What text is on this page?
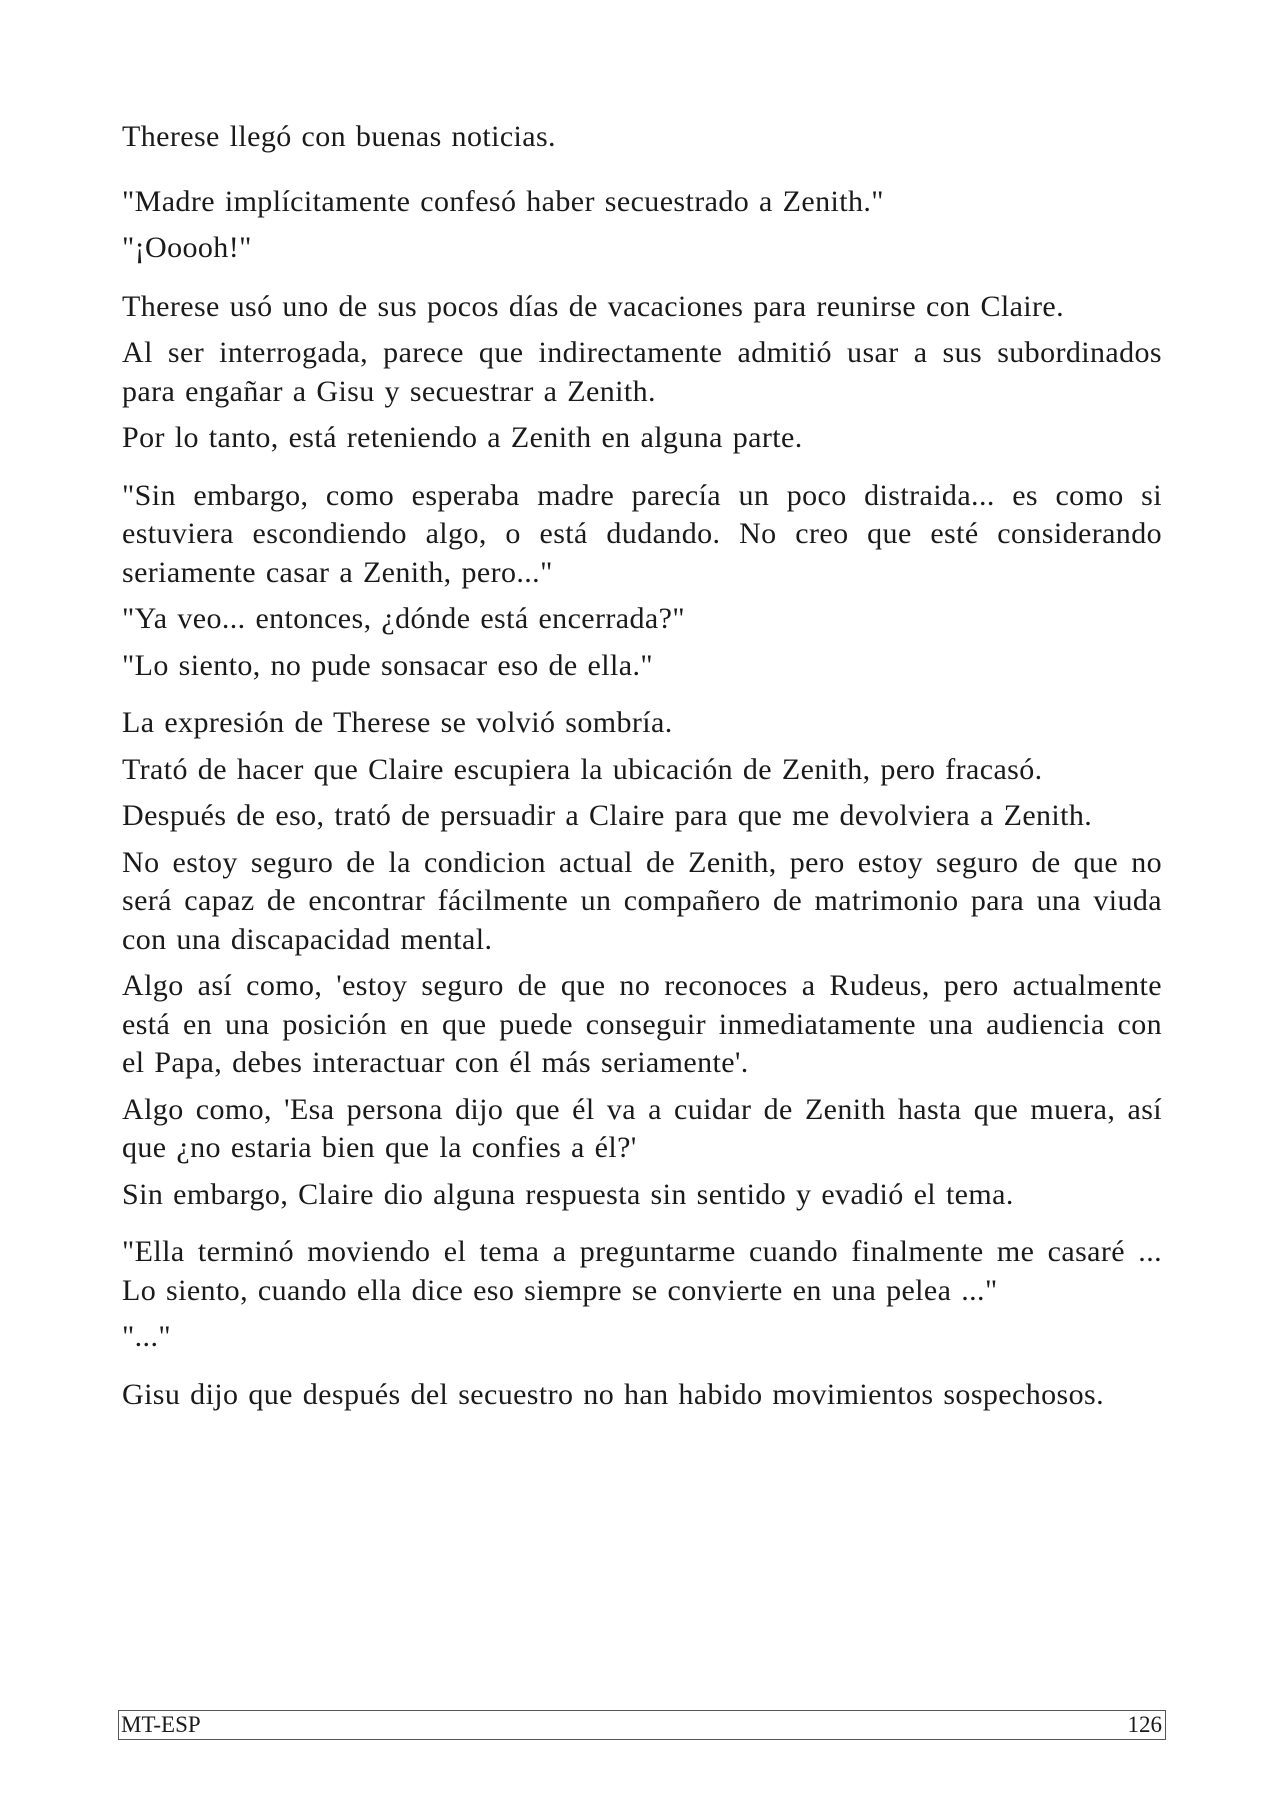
Therese llegó con buenas noticias.

"Madre implícitamente confesó haber secuestrado a Zenith."

"¡Ooooh!"

Therese usó uno de sus pocos días de vacaciones para reunirse con Claire.

Al ser interrogada, parece que indirectamente admitió usar a sus subordinados para engañar a Gisu y secuestrar a Zenith.

Por lo tanto, está reteniendo a Zenith en alguna parte.

"Sin embargo, como esperaba madre parecía un poco distraida... es como si estuviera escondiendo algo, o está dudando. No creo que esté considerando seriamente casar a Zenith, pero..."

"Ya veo... entonces, ¿dónde está encerrada?"

"Lo siento, no pude sonsacar eso de ella."

La expresión de Therese se volvió sombría.

Trató de hacer que Claire escupiera la ubicación de Zenith, pero fracasó.

Después de eso, trató de persuadir a Claire para que me devolviera a Zenith.

No estoy seguro de la condicion actual de Zenith, pero estoy seguro de que no será capaz de encontrar fácilmente un compañero de matrimonio para una viuda con una discapacidad mental.

Algo así como, 'estoy seguro de que no reconoces a Rudeus, pero actualmente está en una posición en que puede conseguir inmediatamente una audiencia con el Papa, debes interactuar con él más seriamente'.

Algo como, 'Esa persona dijo que él va a cuidar de Zenith hasta que muera, así que ¿no estaria bien que la confies a él?'

Sin embargo, Claire dio alguna respuesta sin sentido y evadió el tema.

"Ella terminó moviendo el tema a preguntarme cuando finalmente me casaré ... Lo siento, cuando ella dice eso siempre se convierte en una pelea ..."

"..."

Gisu dijo que después del secuestro no han habido movimientos sospechosos.

MT-ESP	126
